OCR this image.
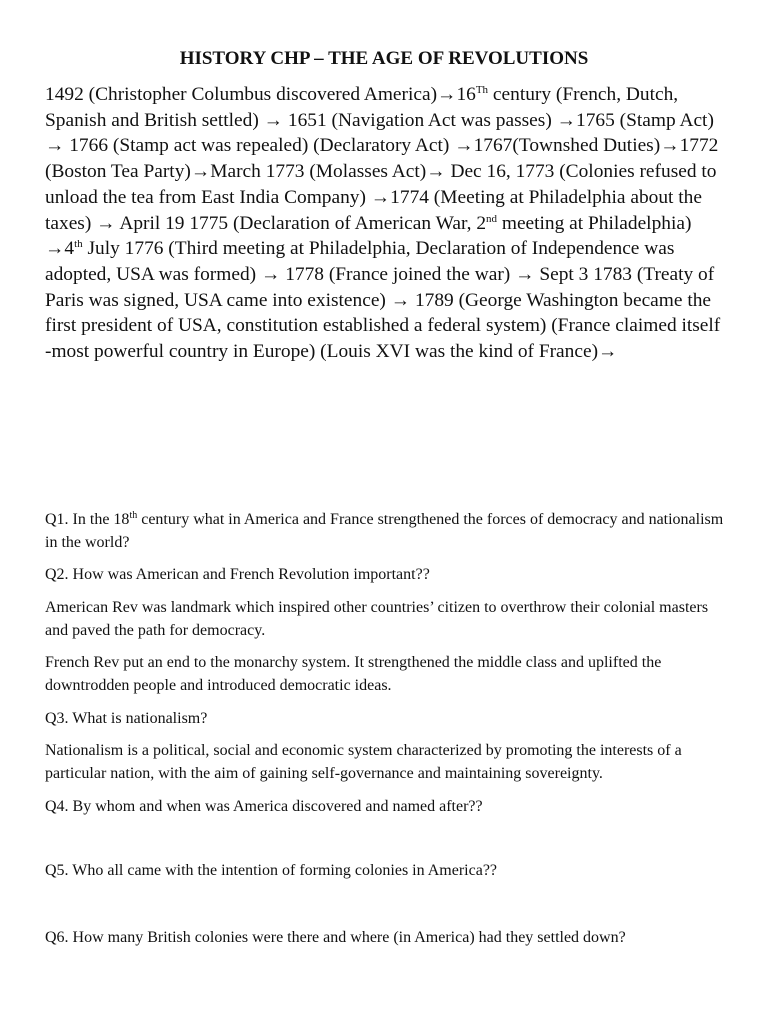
HISTORY CHP – THE AGE OF REVOLUTIONS

1492 (Christopher Columbus discovered America)→16Th century (French, Dutch, Spanish and British settled) → 1651 (Navigation Act was passes) →1765 (Stamp Act) → 1766 (Stamp act was repealed) (Declaratory Act) →1767(Townshed Duties)→1772 (Boston Tea Party)→March 1773 (Molasses Act)→ Dec 16, 1773 (Colonies refused to unload the tea from East India Company) →1774 (Meeting at Philadelphia about the taxes) → April 19 1775 (Declaration of American War, 2nd meeting at Philadelphia) →4th July 1776 (Third meeting at Philadelphia, Declaration of Independence was adopted, USA was formed) → 1778 (France joined the war) → Sept 3 1783 (Treaty of Paris was signed, USA came into existence) → 1789 (George Washington became the first president of USA, constitution established a federal system) (France claimed itself -most powerful country in Europe) (Louis XVI was the kind of France)→

Q1. In the 18th century what in America and France strengthened the forces of democracy and nationalism in the world?

Q2. How was American and French Revolution important??

American Rev was landmark which inspired other countries’ citizen to overthrow their colonial masters and paved the path for democracy.

French Rev put an end to the monarchy system. It strengthened the middle class and uplifted the downtrodden people and introduced democratic ideas.

Q3. What is nationalism?

Nationalism is a political, social and economic system characterized by promoting the interests of a particular nation, with the aim of gaining self-governance and maintaining sovereignty.

Q4. By whom and when was America discovered and named after??

Q5. Who all came with the intention of forming colonies in America??

Q6. How many British colonies were there and where (in America) had they settled down?
